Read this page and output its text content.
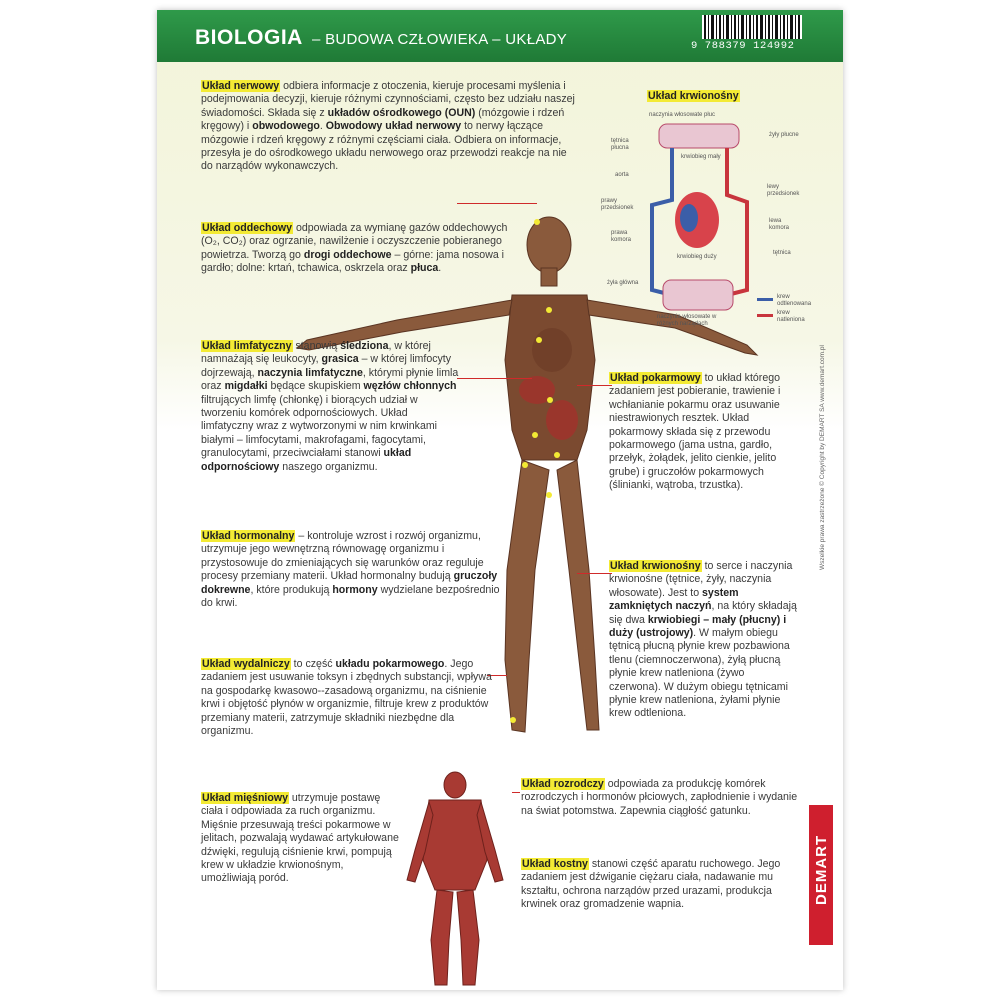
BIOLOGIA – BUDOWA CZŁOWIEKA – UKŁADY	9 788379 124992
Układ krwionośny
naczynia włosowate płuc
tętnica płucna
żyły płucne
aorta
krwiobieg mały
prawy przedsionek
lewy przedsionek
prawa komora
lewa komora
krwiobieg duży
tętnica
żyła główna
naczynia włosowate w różnych narządach
krew odtlenowana
krew natleniona

Układ nerwowy odbiera informacje z otoczenia, kieruje procesami myślenia i podejmowania decyzji, kieruje różnymi czynnościami, często bez udziału naszej świadomości. Składa się z układów ośrodkowego (OUN) (mózgowie i rdzeń kręgowy) i obwodowego. Obwodowy układ nerwowy to nerwy łączące mózgowie i rdzeń kręgowy z różnymi częściami ciała. Odbiera on informacje, przesyła je do ośrodkowego układu nerwowego oraz przewodzi reakcje na nie do narządów wykonawczych.

Układ oddechowy odpowiada za wymianę gazów oddechowych (O₂, CO₂) oraz ogrzanie, nawilżenie i oczyszczenie pobieranego powietrza. Tworzą go drogi oddechowe – górne: jama nosowa i gardło; dolne: krtań, tchawica, oskrzela oraz płuca.

Układ limfatyczny stanowią śledziona, w której namnażają się leukocyty, grasica – w której limfocyty dojrzewają, naczynia limfatyczne, którymi płynie limla oraz migdałki będące skupiskiem węzłów chłonnych filtrujących limfę (chłonkę) i biorących udział w tworzeniu komórek odpornościowych. Układ limfatyczny wraz z wytworzonymi w nim krwinkami białymi – limfocytami, makrofagami, fagocytami, granulocytami, przeciwciałami stanowi układ odpornościowy naszego organizmu.

Układ hormonalny – kontroluje wzrost i rozwój organizmu, utrzymuje jego wewnętrzną równowagę organizmu i przystosowuje do zmieniających się warunków oraz reguluje procesy przemiany materii. Układ hormonalny budują gruczoły dokrewne, które produkują hormony wydzielane bezpośrednio do krwi.

Układ wydalniczy to część układu pokarmowego. Jego zadaniem jest usuwanie toksyn i zbędnych substancji, wpływa na gospodarkę kwasowo--zasadową organizmu, na ciśnienie krwi i objętość płynów w organizmie, filtruje krew z produktów przemiany materii, zatrzymuje składniki niezbędne dla organizmu.

Układ mięśniowy utrzymuje postawę ciała i odpowiada za ruch organizmu. Mięśnie przesuwają treści pokarmowe w jelitach, pozwalają wydawać artykułowane dźwięki, regulują ciśnienie krwi, pompują krew w układzie krwionośnym, umożliwiają poród.

Układ pokarmowy to układ którego zadaniem jest pobieranie, trawienie i wchłanianie pokarmu oraz usuwanie niestrawionych resztek. Układ pokarmowy składa się z przewodu pokarmowego (jama ustna, gardło, przełyk, żołądek, jelito cienkie, jelito grube) i gruczołów pokarmowych (ślinianki, wątroba, trzustka).

Układ krwionośny to serce i naczynia krwionośne (tętnice, żyły, naczynia włosowate). Jest to system zamkniętych naczyń, na który składają się dwa krwiobiegi – mały (płucny) i duży (ustrojowy). W małym obiegu tętnicą płucną płynie krew pozbawiona tlenu (ciemnoczerwona), żyłą płucną płynie krew natleniona (żywo czerwona). W dużym obiegu tętnicami płynie krew natleniona, żyłami płynie krew odtleniona.

Układ rozrodczy odpowiada za produkcję komórek rozrodczych i hormonów płciowych, zapłodnienie i wydanie na świat potomstwa. Zapewnia ciągłość gatunku.

Układ kostny stanowi część aparatu ruchowego. Jego zadaniem jest dźwiganie ciężaru ciała, nadawanie mu kształtu, ochrona narządów przed urazami, produkcja krwinek oraz gromadzenie wapnia.

Wszelkie prawa zastrzeżone © Copyright by DEMART SA www.demart.com.pl
DEMART
